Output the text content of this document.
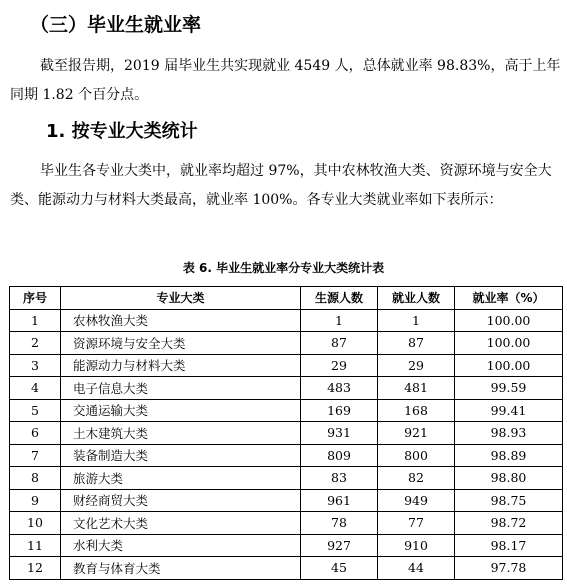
（三）毕业生就业率

截至报告期，2019 届毕业生共实现就业 4549 人，总体就业率 98.83%，高于上年同期 1.82 个百分点。

1. 按专业大类统计

毕业生各专业大类中，就业率均超过 97%，其中农林牧渔大类、资源环境与安全大类、能源动力与材料大类最高，就业率 100%。各专业大类就业率如下表所示：

表 6. 毕业生就业率分专业大类统计表
序号	专业大类	生源人数	就业人数	就业率（%）
1	农林牧渔大类	1	1	100.00
2	资源环境与安全大类	87	87	100.00
3	能源动力与材料大类	29	29	100.00
4	电子信息大类	483	481	99.59
5	交通运输大类	169	168	99.41
6	土木建筑大类	931	921	98.93
7	装备制造大类	809	800	98.89
8	旅游大类	83	82	98.80
9	财经商贸大类	961	949	98.75
10	文化艺术大类	78	77	98.72
11	水利大类	927	910	98.17
12	教育与体育大类	45	44	97.78
